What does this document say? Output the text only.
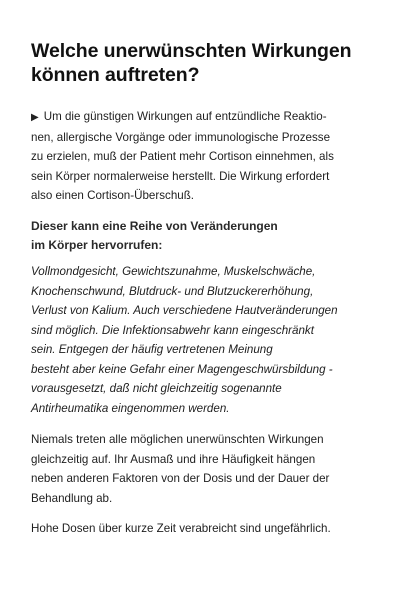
Welche unerwünschten Wirkungen
können auftreten?
▶ Um die günstigen Wirkungen auf entzündliche Reaktio-
nen, allergische Vorgänge oder immunologische Prozesse
zu erzielen, muß der Patient mehr Cortison einnehmen, als
sein Körper normalerweise herstellt. Die Wirkung erfordert
also einen Cortison-Überschuß.
Dieser kann eine Reihe von Veränderungen
im Körper hervorrufen:
Vollmondgesicht, Gewichtszunahme, Muskelschwäche,
Knochenschwund, Blutdruck- und Blutzuckererhöhung,
Verlust von Kalium. Auch verschiedene Hautveränderungen
sind möglich. Die Infektionsabwehr kann eingeschränkt
sein. Entgegen der häufig vertretenen Meinung
besteht aber keine Gefahr einer Magengeschwürsbildung -
vorausgesetzt, daß nicht gleichzeitig sogenannte
Antirheumatika eingenommen werden.
Niemals treten alle möglichen unerwünschten Wirkungen
gleichzeitig auf. Ihr Ausmaß und ihre Häufigkeit hängen
neben anderen Faktoren von der Dosis und der Dauer der
Behandlung ab.
Hohe Dosen über kurze Zeit verabreicht sind ungefährlich.
